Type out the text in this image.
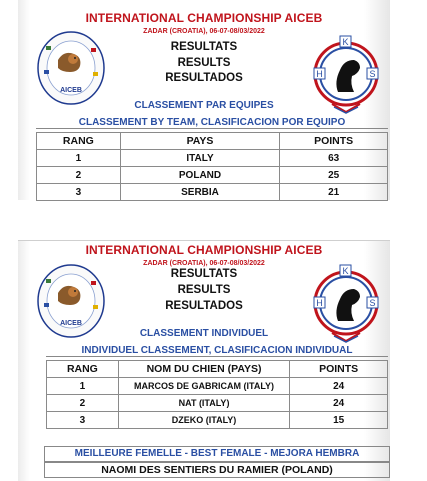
INTERNATIONAL CHAMPIONSHIP AICEB
ZADAR (CROATIA), 06-07-08/03/2022
RESULTATS
RESULTS
RESULTADOS
AICEB
K
H	S
CLASSEMENT PAR EQUIPES
CLASSEMENT BY TEAM, CLASIFICACION POR EQUIPO
RANG	PAYS	POINTS
1	ITALY	63
2	POLAND	25
3	SERBIA	21
INTERNATIONAL CHAMPIONSHIP AICEB
ZADAR (CROATIA), 06-07-08/03/2022
RESULTATS
RESULTS
RESULTADOS
AICEB
K
H	S
CLASSEMENT INDIVIDUEL
INDIVIDUEL CLASSEMENT, CLASIFICACION INDIVIDUAL
RANG	NOM DU CHIEN (PAYS)	POINTS
1	MARCOS DE GABRICAM (ITALY)	24
2	NAT (ITALY)	24
3	DZEKO (ITALY)	15
MEILLEURE FEMELLE - BEST FEMALE - MEJORA HEMBRA
NAOMI DES SENTIERS DU RAMIER (POLAND)
